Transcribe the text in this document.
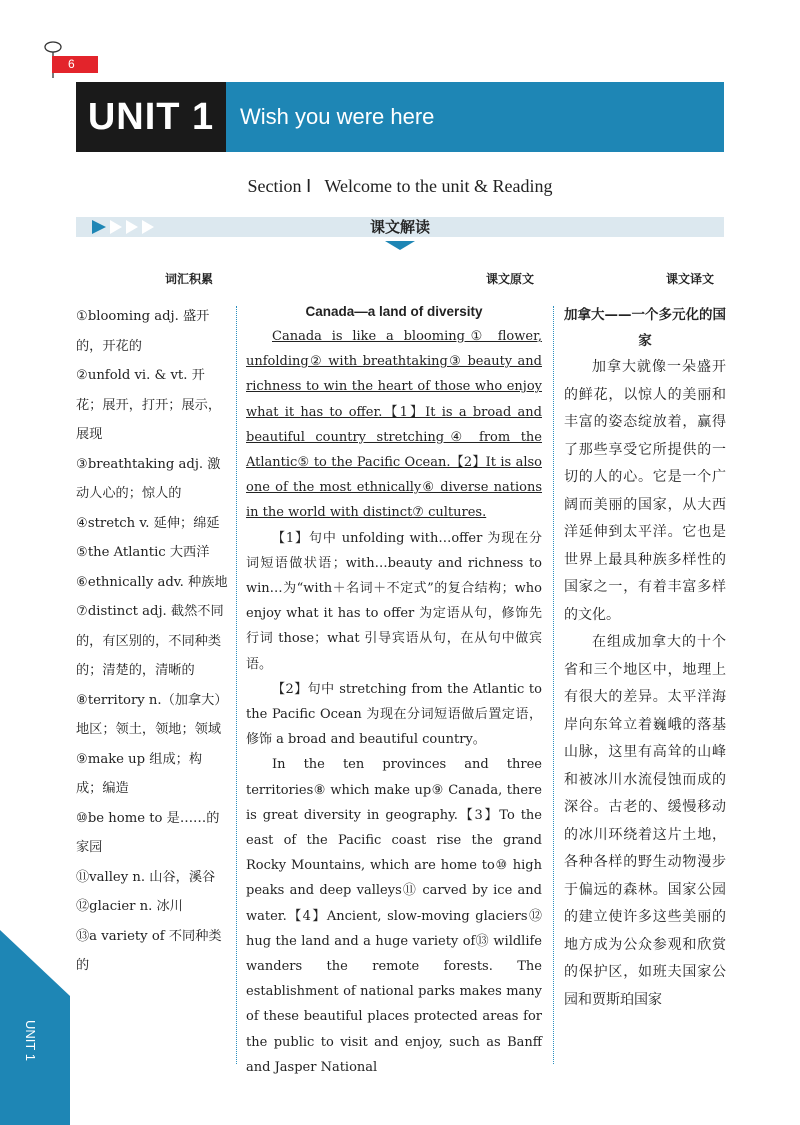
6
UNIT 1	Wish you were here
Section Ⅰ   Welcome to the unit & Reading
课文解读
词汇积累	课文原文	课文译文

①blooming adj. 盛开的，开花的

②unfold vi. & vt. 开花；展开，打开；展示，展现

③breathtaking adj. 激动人心的；惊人的

④stretch v. 延伸；绵延

⑤the Atlantic 大西洋

⑥ethnically adv. 种族地

⑦distinct adj. 截然不同的，有区别的，不同种类的；清楚的，清晰的

⑧territory n.（加拿大）地区；领土，领地；领域

⑨make up 组成；构成；编造

⑩be home to 是……的家园

⑪valley n. 山谷，溪谷

⑫glacier n. 冰川

⑬a variety of 不同种类的

Canada—a land of diversity

Canada is like a blooming① flower, unfolding② with breathtaking③ beauty and richness to win the heart of those who enjoy what it has to offer.【1】It is a broad and beautiful country stretching④ from the Atlantic⑤ to the Pacific Ocean.【2】It is also one of the most ethnically⑥ diverse nations in the world with distinct⑦ cultures.

【1】句中 unfolding with…offer 为现在分词短语做状语；with…beauty and richness to win…为“with＋名词＋不定式”的复合结构；who enjoy what it has to offer 为定语从句，修饰先行词 those；what 引导宾语从句，在从句中做宾语。

【2】句中 stretching from the Atlantic to the Pacific Ocean 为现在分词短语做后置定语，修饰 a broad and beautiful country。

In the ten provinces and three territories⑧ which make up⑨ Canada, there is great diversity in geography.【3】To the east of the Pacific coast rise the grand Rocky Mountains, which are home to⑩ high peaks and deep valleys⑪ carved by ice and water.【4】Ancient, slow-moving glaciers⑫ hug the land and a huge variety of⑬ wildlife wanders the remote forests. The establishment of national parks makes many of these beautiful places protected areas for the public to visit and enjoy, such as Banff and Jasper National

加拿大——一个多元化的国家

加拿大就像一朵盛开的鲜花，以惊人的美丽和丰富的姿态绽放着，赢得了那些享受它所提供的一切的人的心。它是一个广阔而美丽的国家，从大西洋延伸到太平洋。它也是世界上最具种族多样性的国家之一，有着丰富多样的文化。

在组成加拿大的十个省和三个地区中，地理上有很大的差异。太平洋海岸向东耸立着巍峨的落基山脉，这里有高耸的山峰和被冰川水流侵蚀而成的深谷。古老的、缓慢移动的冰川环绕着这片土地，各种各样的野生动物漫步于偏远的森林。国家公园的建立使许多这些美丽的地方成为公众参观和欣赏的保护区，如班夫国家公园和贾斯珀国家

UNIT 1
